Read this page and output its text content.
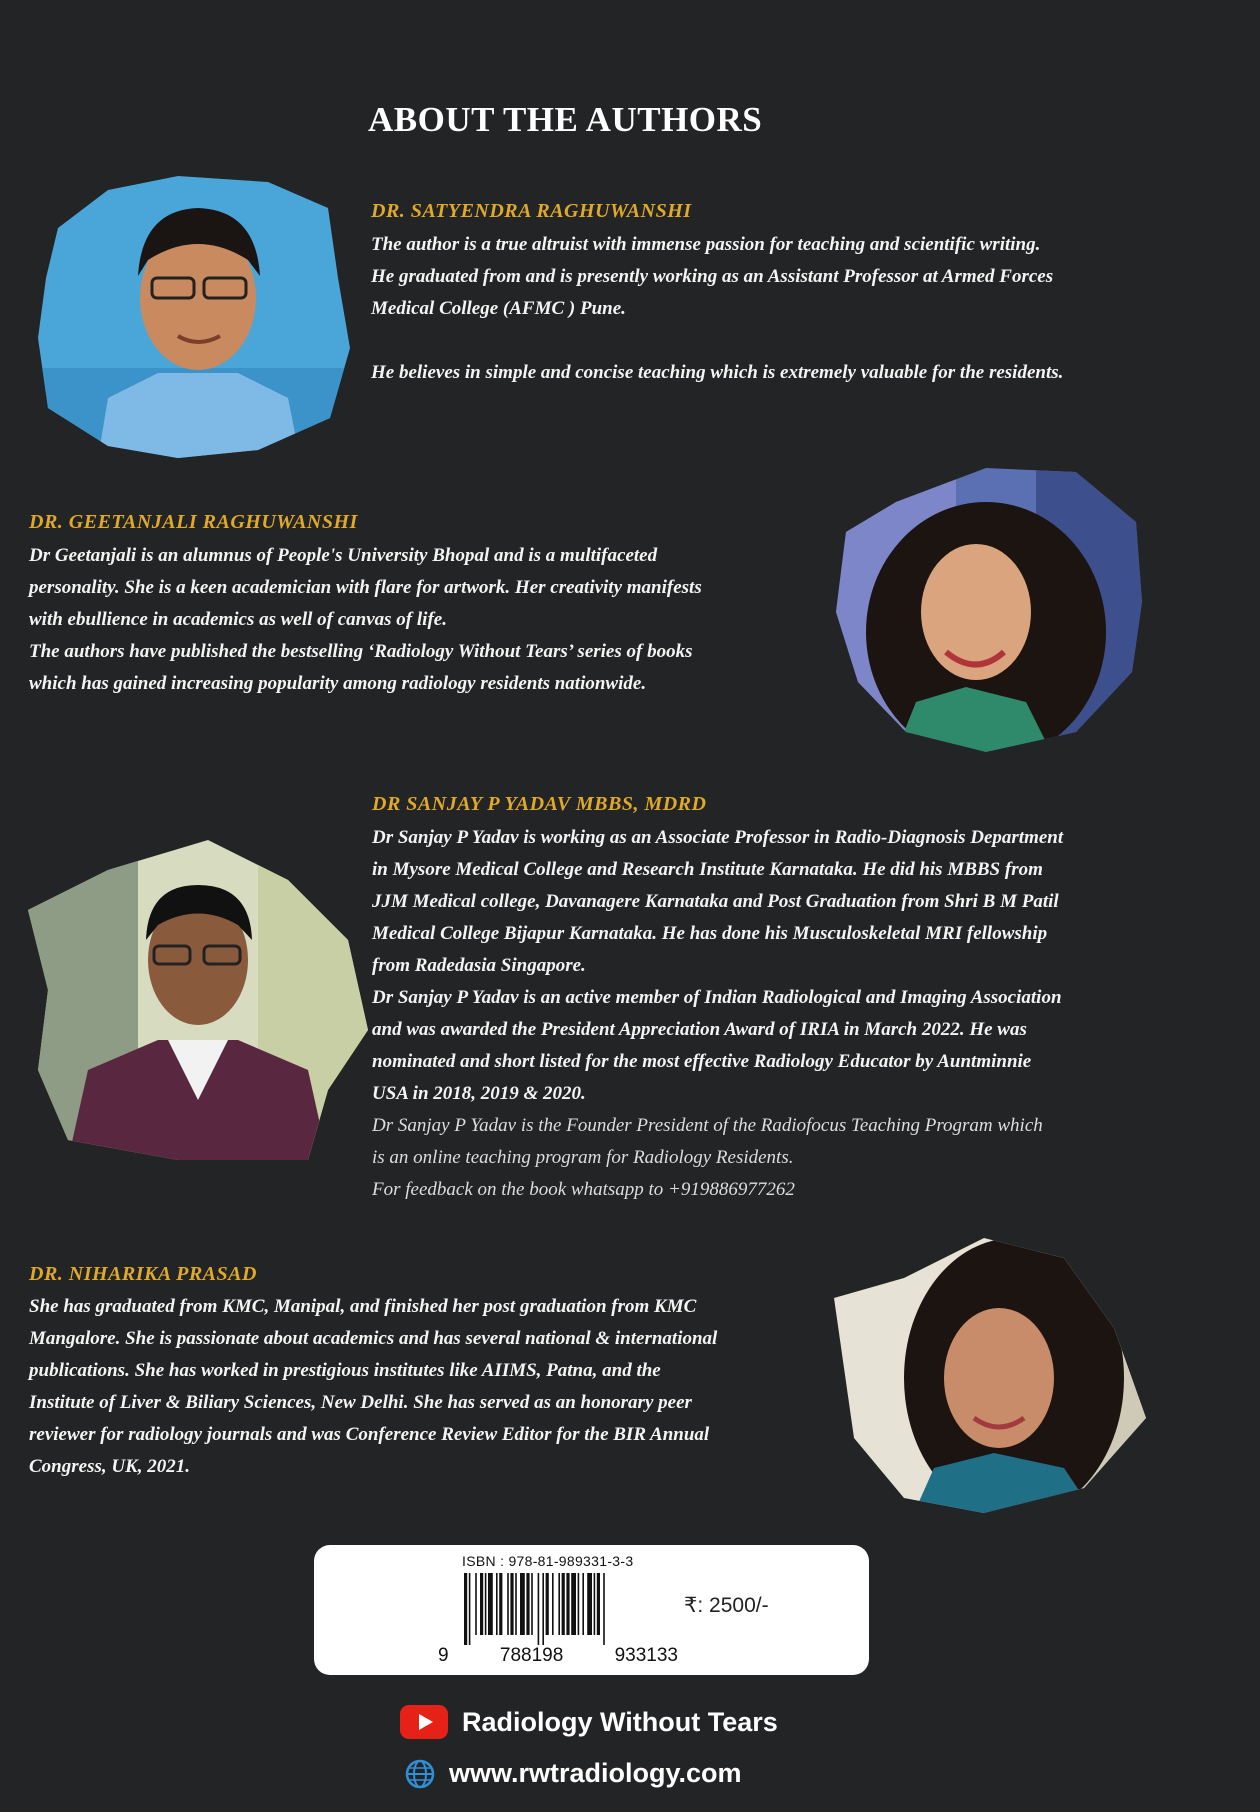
ABOUT THE AUTHORS
DR. SATYENDRA RAGHUWANSHI

The author is a true altruist with immense passion for teaching and scientific writing.

He graduated from and is presently working as an Assistant Professor at Armed Forces

Medical College (AFMC ) Pune.

He believes in simple and concise teaching which is extremely valuable for the residents.

DR. GEETANJALI RAGHUWANSHI

Dr Geetanjali is an alumnus of People's University Bhopal and is a multifaceted

personality. She is a keen academician with flare for artwork. Her creativity manifests

with ebullience in academics as well of canvas of life.

The authors have published the bestselling ‘Radiology Without Tears’ series of books

which has gained increasing popularity among radiology residents nationwide.

DR SANJAY P YADAV MBBS, MDRD

Dr Sanjay P Yadav is working as an Associate Professor in Radio-Diagnosis Department

in Mysore Medical College and Research Institute Karnataka. He did his MBBS from

JJM Medical college, Davanagere Karnataka and Post Graduation from Shri B M Patil

Medical College Bijapur Karnataka. He has done his Musculoskeletal MRI fellowship

from Radedasia Singapore.

Dr Sanjay P Yadav is an active member of Indian Radiological and Imaging Association

and was awarded the President Appreciation Award of IRIA in March 2022. He was

nominated and short listed for the most effective Radiology Educator by Auntminnie

USA in 2018, 2019 & 2020.

Dr Sanjay P Yadav is the Founder President of the Radiofocus Teaching Program which

is an online teaching program for Radiology Residents.

For feedback on the book whatsapp to +919886977262

DR. NIHARIKA PRASAD

She has graduated from KMC, Manipal, and finished her post graduation from KMC

Mangalore. She is passionate about academics and has several national & international

publications. She has worked in prestigious institutes like AIIMS, Patna, and the

Institute of Liver & Biliary Sciences, New Delhi. She has served as an honorary peer

reviewer for radiology journals and was Conference Review Editor for the BIR Annual

Congress, UK, 2021.

ISBN : 978-81-989331-3-3
9	788198	933133
₹: 2500/-
Radiology Without Tears
www.rwtradiology.com
